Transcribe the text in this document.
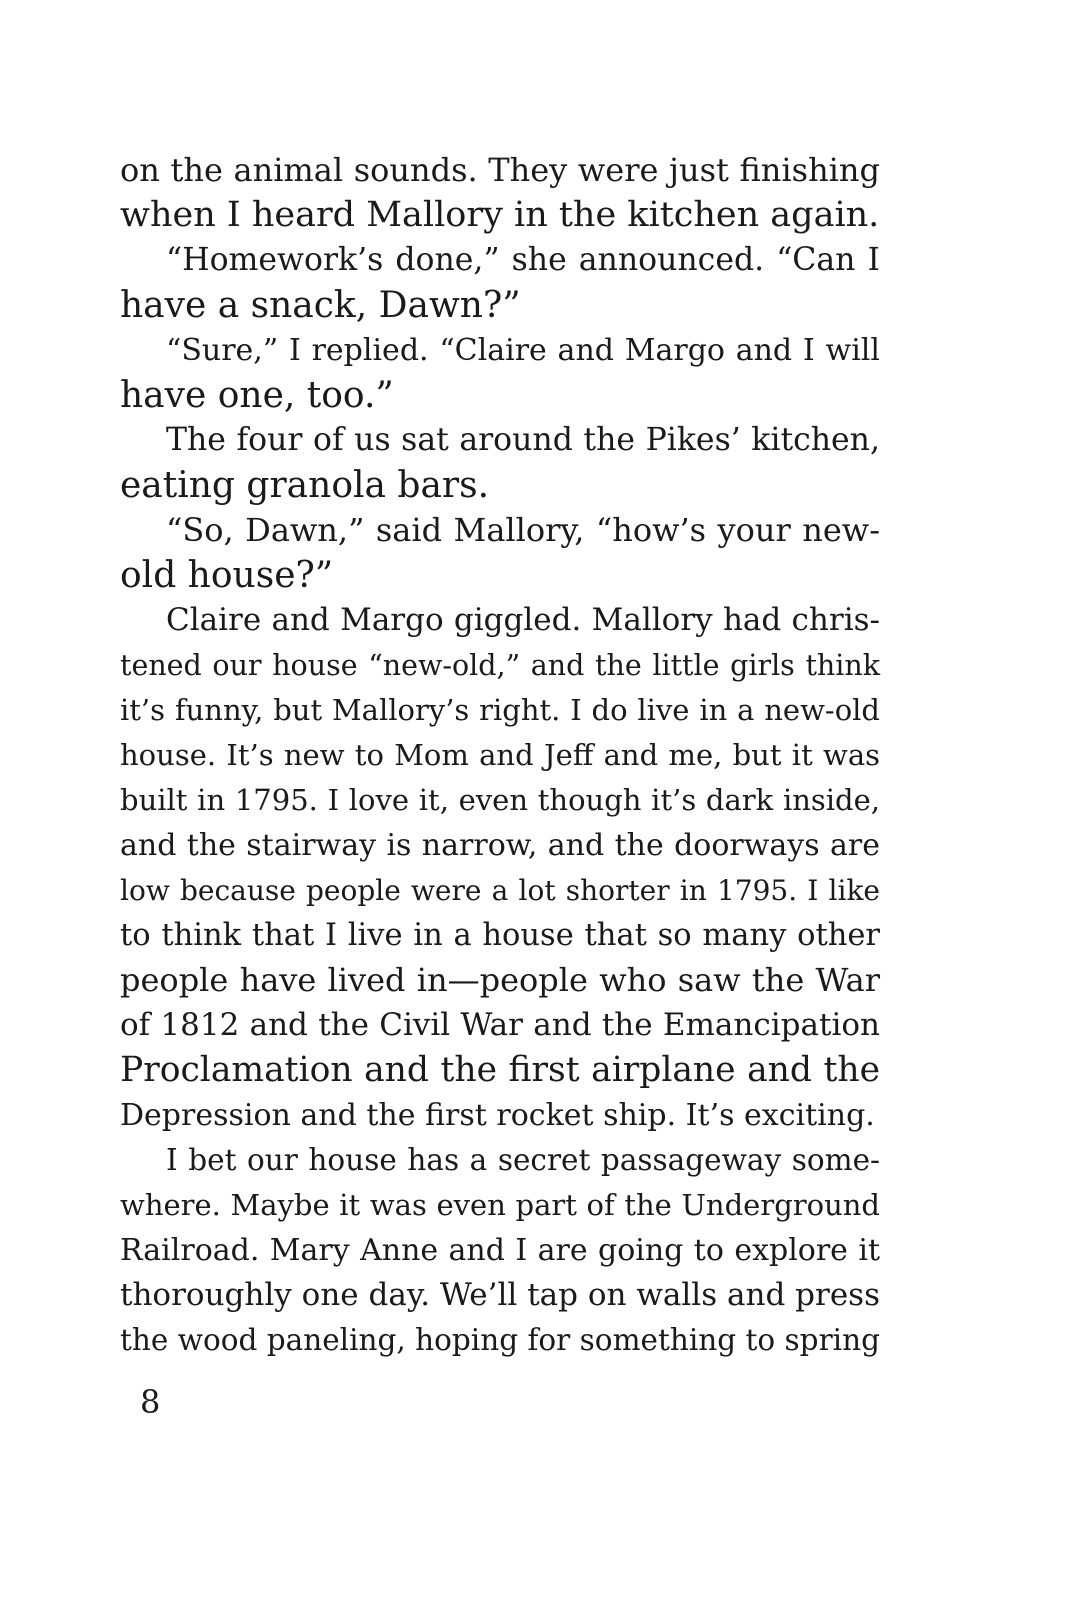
on the animal sounds. They were just finishing
when I heard Mallory in the kitchen again.
“Homework’s done,” she announced. “Can I
have a snack, Dawn?”
“Sure,” I replied. “Claire and Margo and I will
have one, too.”
The four of us sat around the Pikes’ kitchen,
eating granola bars.
“So, Dawn,” said Mallory, “how’s your new-
old house?”
Claire and Margo giggled. Mallory had chris-
tened our house “new-old,” and the little girls think
it’s funny, but Mallory’s right. I do live in a new-old
house. It’s new to Mom and Jeff and me, but it was
built in 1795. I love it, even though it’s dark inside,
and the stairway is narrow, and the doorways are
low because people were a lot shorter in 1795. I like
to think that I live in a house that so many other
people have lived in—people who saw the War
of 1812 and the Civil War and the Emancipation
Proclamation and the first airplane and the
Depression and the first rocket ship. It’s exciting.
I bet our house has a secret passageway some-
where. Maybe it was even part of the Underground
Railroad. Mary Anne and I are going to explore it
thoroughly one day. We’ll tap on walls and press
the wood paneling, hoping for something to spring
8
